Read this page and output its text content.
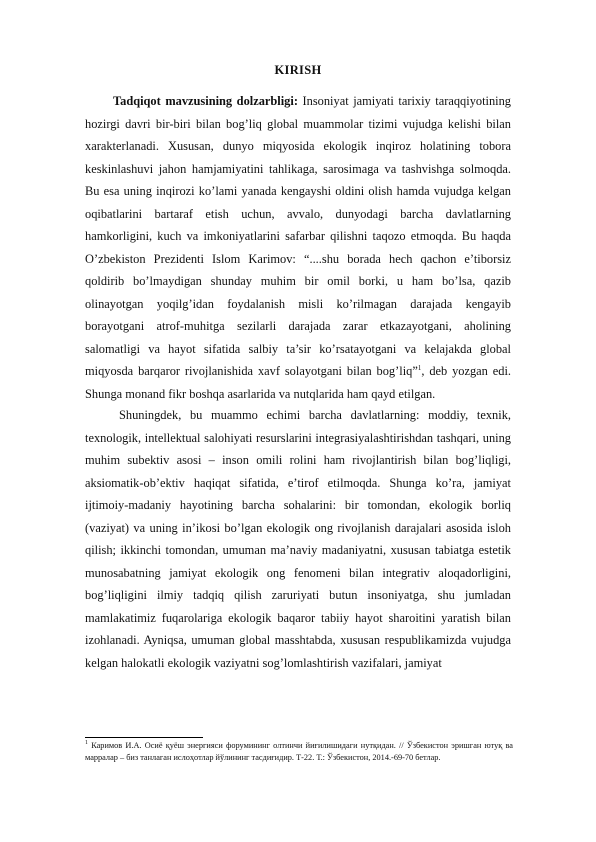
KIRISH

Tadqiqot mavzusining dolzarbligi: Insoniyat jamiyati tarixiy taraqqiyotining hozirgi davri bir-biri bilan bog’liq global muammolar tizimi vujudga kelishi bilan xarakterlanadi. Xususan, dunyo miqyosida ekologik inqiroz holatining tobora keskinlashuvi jahon hamjamiyatini tahlikaga, sarosimaga va tashvishga solmoqda. Bu esa uning inqirozi ko’lami yanada kengayshi oldini olish hamda vujudga kelgan oqibatlarini bartaraf etish uchun, avvalo, dunyodagi barcha davlatlarning hamkorligini, kuch va imkoniyatlarini safarbar qilishni taqozo etmoqda. Bu haqda O’zbekiston Prezidenti Islom Karimov: “....shu borada hech qachon e’tiborsiz qoldirib bo’lmaydigan shunday muhim bir omil borki, u ham bo’lsa, qazib olinayotgan yoqilg’idan foydalanish misli ko’rilmagan darajada kengayib borayotgani atrof-muhitga sezilarli darajada zarar etkazayotgani, aholining salomatligi va hayot sifatida salbiy ta’sir ko’rsatayotgani va kelajakda global miqyosda barqaror rivojlanishida xavf solayotgani bilan bog’liq”$^1$, deb yozgan edi. Shunga monand fikr boshqa asarlarida va nutqlarida ham qayd etilgan.

Shuningdek, bu muammo echimi barcha davlatlarning: moddiy, texnik, texnologik, intellektual salohiyati resurslarini integrasiyalashtirishdan tashqari, uning muhim subektiv asosi – inson omili rolini ham rivojlantirish bilan bog’liqligi, aksiomatik-ob’ektiv haqiqat sifatida, e’tirof etilmoqda. Shunga ko’ra, jamiyat ijtimoiy-madaniy hayotining barcha sohalarini: bir tomondan, ekologik borliq (vaziyat) va uning in’ikosi bo’lgan ekologik ong rivojlanish darajalari asosida isloh qilish; ikkinchi tomondan, umuman ma’naviy madaniyatni, xususan tabiatga estetik munosabatning jamiyat ekologik ong fenomeni bilan integrativ aloqadorligini, bog’liqligini ilmiy tadqiq qilish zaruriyati butun insoniyatga, shu jumladan mamlakatimiz fuqarolariga ekologik baqaror tabiiy hayot sharoitini yaratish bilan izohlanadi. Ayniqsa, umuman global masshtabda, xususan respublikamizda vujudga kelgan halokatli ekologik vaziyatni sog’lomlashtirish vazifalari, jamiyat

$^1$ Каримов И.А. Осиё қуёш энергияси форумининг олтинчи йиғилишидаги нутқидан. // Ўзбекистон эришган ютуқ ва марралар – биз танлаган ислоҳотлар йўлининг тасдиғидир. Т-22. Т.: Ўзбекистон, 2014.-69-70 бетлар.
